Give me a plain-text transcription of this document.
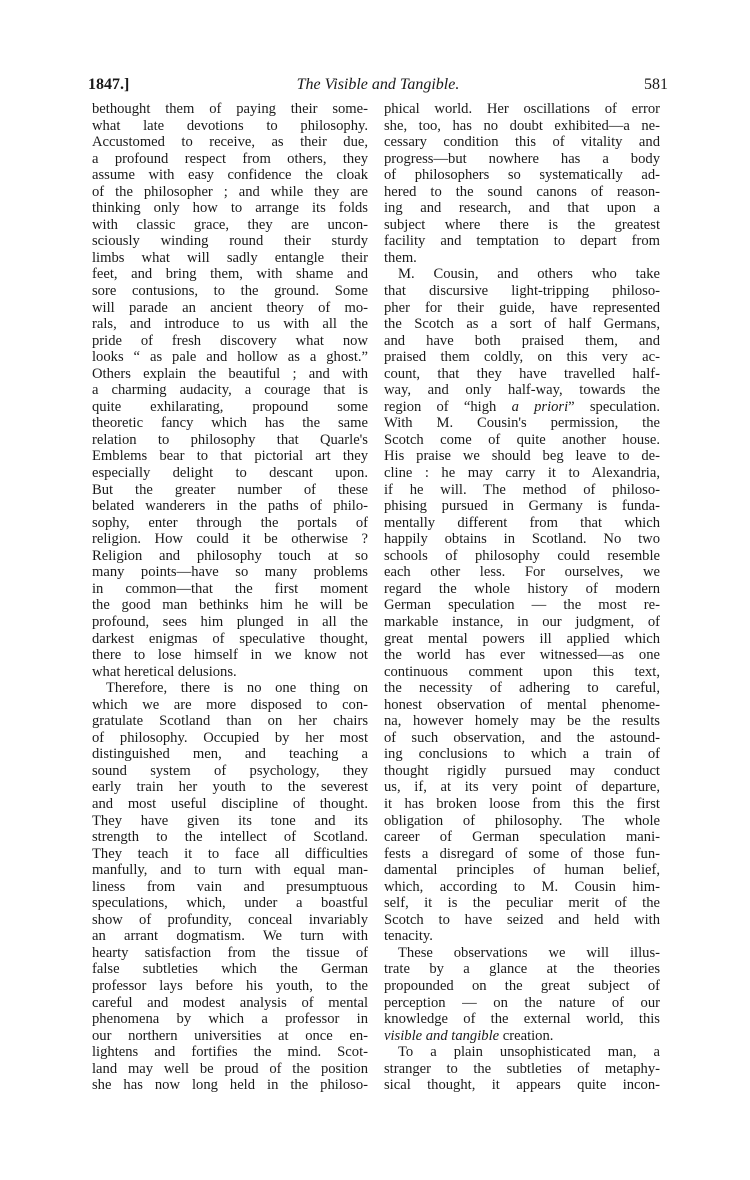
1847.]	The Visible and Tangible.	581
bethought them of paying their some-
what late devotions to philosophy.
Accustomed to receive, as their due,
a profound respect from others, they
assume with easy confidence the cloak
of the philosopher ; and while they are
thinking only how to arrange its folds
with classic grace, they are uncon-
sciously winding round their sturdy
limbs what will sadly entangle their
feet, and bring them, with shame and
sore contusions, to the ground. Some
will parade an ancient theory of mo-
rals, and introduce to us with all the
pride of fresh discovery what now
looks “ as pale and hollow as a ghost.”
Others explain the beautiful ; and with
a charming audacity, a courage that is
quite exhilarating, propound some
theoretic fancy which has the same
relation to philosophy that Quarle's
Emblems bear to that pictorial art they
especially delight to descant upon.
But the greater number of these
belated wanderers in the paths of philo-
sophy, enter through the portals of
religion. How could it be otherwise ?
Religion and philosophy touch at so
many points—have so many problems
in common—that the first moment
the good man bethinks him he will be
profound, sees him plunged in all the
darkest enigmas of speculative thought,
there to lose himself in we know not
what heretical delusions.
Therefore, there is no one thing on
which we are more disposed to con-
gratulate Scotland than on her chairs
of philosophy. Occupied by her most
distinguished men, and teaching a
sound system of psychology, they
early train her youth to the severest
and most useful discipline of thought.
They have given its tone and its
strength to the intellect of Scotland.
They teach it to face all difficulties
manfully, and to turn with equal man-
liness from vain and presumptuous
speculations, which, under a boastful
show of profundity, conceal invariably
an arrant dogmatism. We turn with
hearty satisfaction from the tissue of
false subtleties which the German
professor lays before his youth, to the
careful and modest analysis of mental
phenomena by which a professor in
our northern universities at once en-
lightens and fortifies the mind. Scot-
land may well be proud of the position
she has now long held in the philoso-
phical world. Her oscillations of error
she, too, has no doubt exhibited—a ne-
cessary condition this of vitality and
progress—but nowhere has a body
of philosophers so systematically ad-
hered to the sound canons of reason-
ing and research, and that upon a
subject where there is the greatest
facility and temptation to depart from
them.
M. Cousin, and others who take
that discursive light-tripping philoso-
pher for their guide, have represented
the Scotch as a sort of half Germans,
and have both praised them, and
praised them coldly, on this very ac-
count, that they have travelled half-
way, and only half-way, towards the
region of “high a priori” speculation.
With M. Cousin's permission, the
Scotch come of quite another house.
His praise we should beg leave to de-
cline : he may carry it to Alexandria,
if he will. The method of philoso-
phising pursued in Germany is funda-
mentally different from that which
happily obtains in Scotland. No two
schools of philosophy could resemble
each other less. For ourselves, we
regard the whole history of modern
German speculation — the most re-
markable instance, in our judgment, of
great mental powers ill applied which
the world has ever witnessed—as one
continuous comment upon this text,
the necessity of adhering to careful,
honest observation of mental phenome-
na, however homely may be the results
of such observation, and the astound-
ing conclusions to which a train of
thought rigidly pursued may conduct
us, if, at its very point of departure,
it has broken loose from this the first
obligation of philosophy. The whole
career of German speculation mani-
fests a disregard of some of those fun-
damental principles of human belief,
which, according to M. Cousin him-
self, it is the peculiar merit of the
Scotch to have seized and held with
tenacity.
These observations we will illus-
trate by a glance at the theories
propounded on the great subject of
perception — on the nature of our
knowledge of the external world, this
visible and tangible creation.
To a plain unsophisticated man, a
stranger to the subtleties of metaphy-
sical thought, it appears quite incon-
